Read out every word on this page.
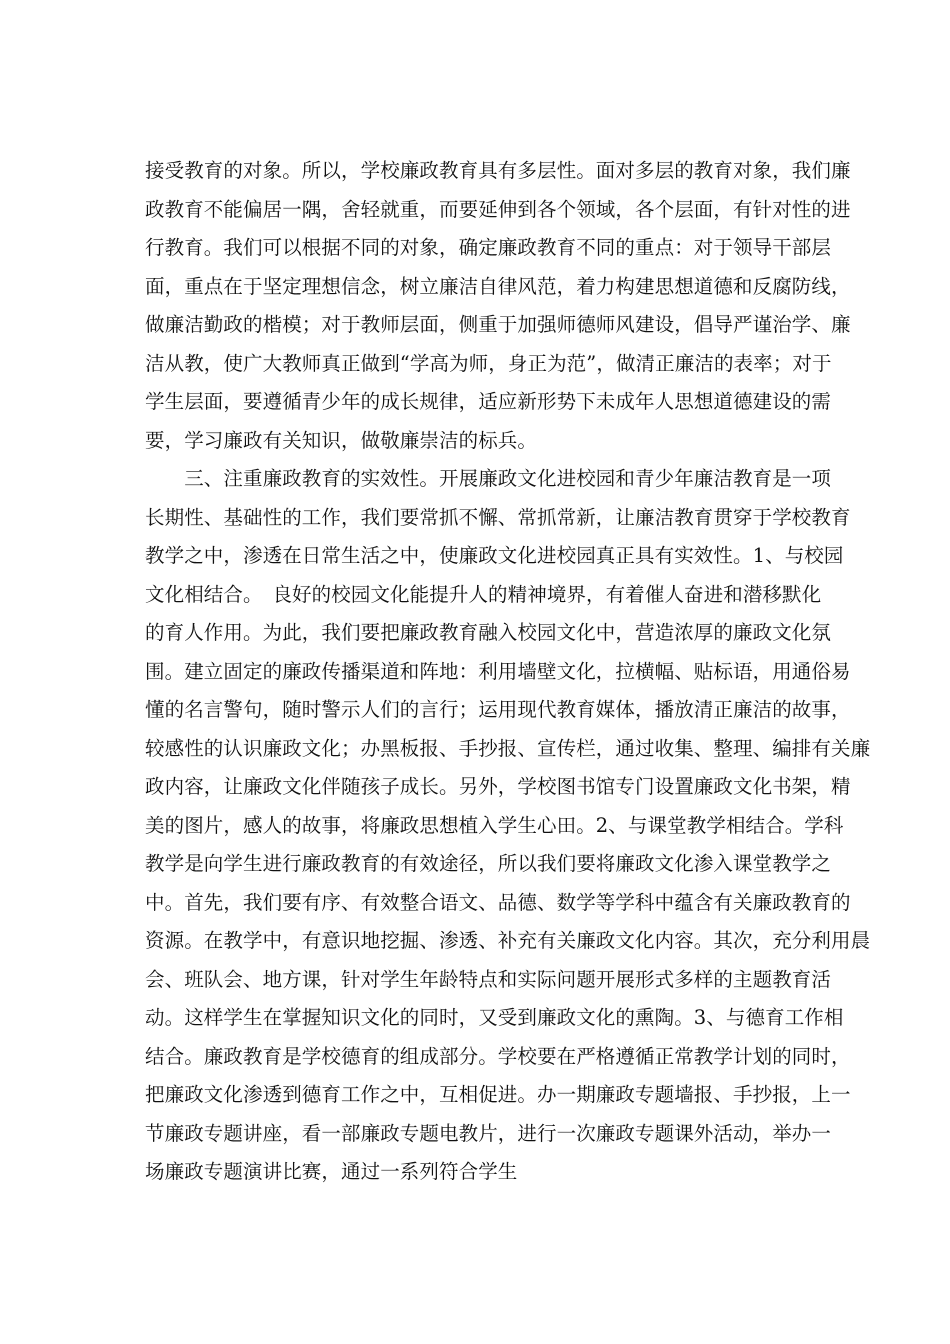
接受教育的对象。所以，学校廉政教育具有多层性。面对多层的教育对象，我们廉
政教育不能偏居一隅，舍轻就重，而要延伸到各个领域，各个层面，有针对性的进
行教育。我们可以根据不同的对象，确定廉政教育不同的重点：对于领导干部层
面，重点在于坚定理想信念，树立廉洁自律风范，着力构建思想道德和反腐防线，
做廉洁勤政的楷模；对于教师层面，侧重于加强师德师风建设，倡导严谨治学、廉
洁从教，使广大教师真正做到“学高为师，身正为范”，做清正廉洁的表率；对于
学生层面，要遵循青少年的成长规律，适应新形势下未成年人思想道德建设的需
要，学习廉政有关知识，做敬廉崇洁的标兵。
　　三、注重廉政教育的实效性。开展廉政文化进校园和青少年廉洁教育是一项
长期性、基础性的工作，我们要常抓不懈、常抓常新，让廉洁教育贯穿于学校教育
教学之中，渗透在日常生活之中，使廉政文化进校园真正具有实效性。1、与校园
文化相结合。　良好的校园文化能提升人的精神境界，有着催人奋进和潜移默化
的育人作用。为此，我们要把廉政教育融入校园文化中，营造浓厚的廉政文化氛
围。建立固定的廉政传播渠道和阵地：利用墙壁文化，拉横幅、贴标语，用通俗易
懂的名言警句，随时警示人们的言行；运用现代教育媒体，播放清正廉洁的故事，
较感性的认识廉政文化；办黑板报、手抄报、宣传栏，通过收集、整理、编排有关廉
政内容，让廉政文化伴随孩子成长。另外，学校图书馆专门设置廉政文化书架，精
美的图片，感人的故事，将廉政思想植入学生心田。2、与课堂教学相结合。学科
教学是向学生进行廉政教育的有效途径，所以我们要将廉政文化渗入课堂教学之
中。首先，我们要有序、有效整合语文、品德、数学等学科中蕴含有关廉政教育的
资源。在教学中，有意识地挖掘、渗透、补充有关廉政文化内容。其次，充分利用晨
会、班队会、地方课，针对学生年龄特点和实际问题开展形式多样的主题教育活
动。这样学生在掌握知识文化的同时，又受到廉政文化的熏陶。3、与德育工作相
结合。廉政教育是学校德育的组成部分。学校要在严格遵循正常教学计划的同时，
把廉政文化渗透到德育工作之中，互相促进。办一期廉政专题墙报、手抄报，上一
节廉政专题讲座，看一部廉政专题电教片，进行一次廉政专题课外活动，举办一
场廉政专题演讲比赛，通过一系列符合学生
